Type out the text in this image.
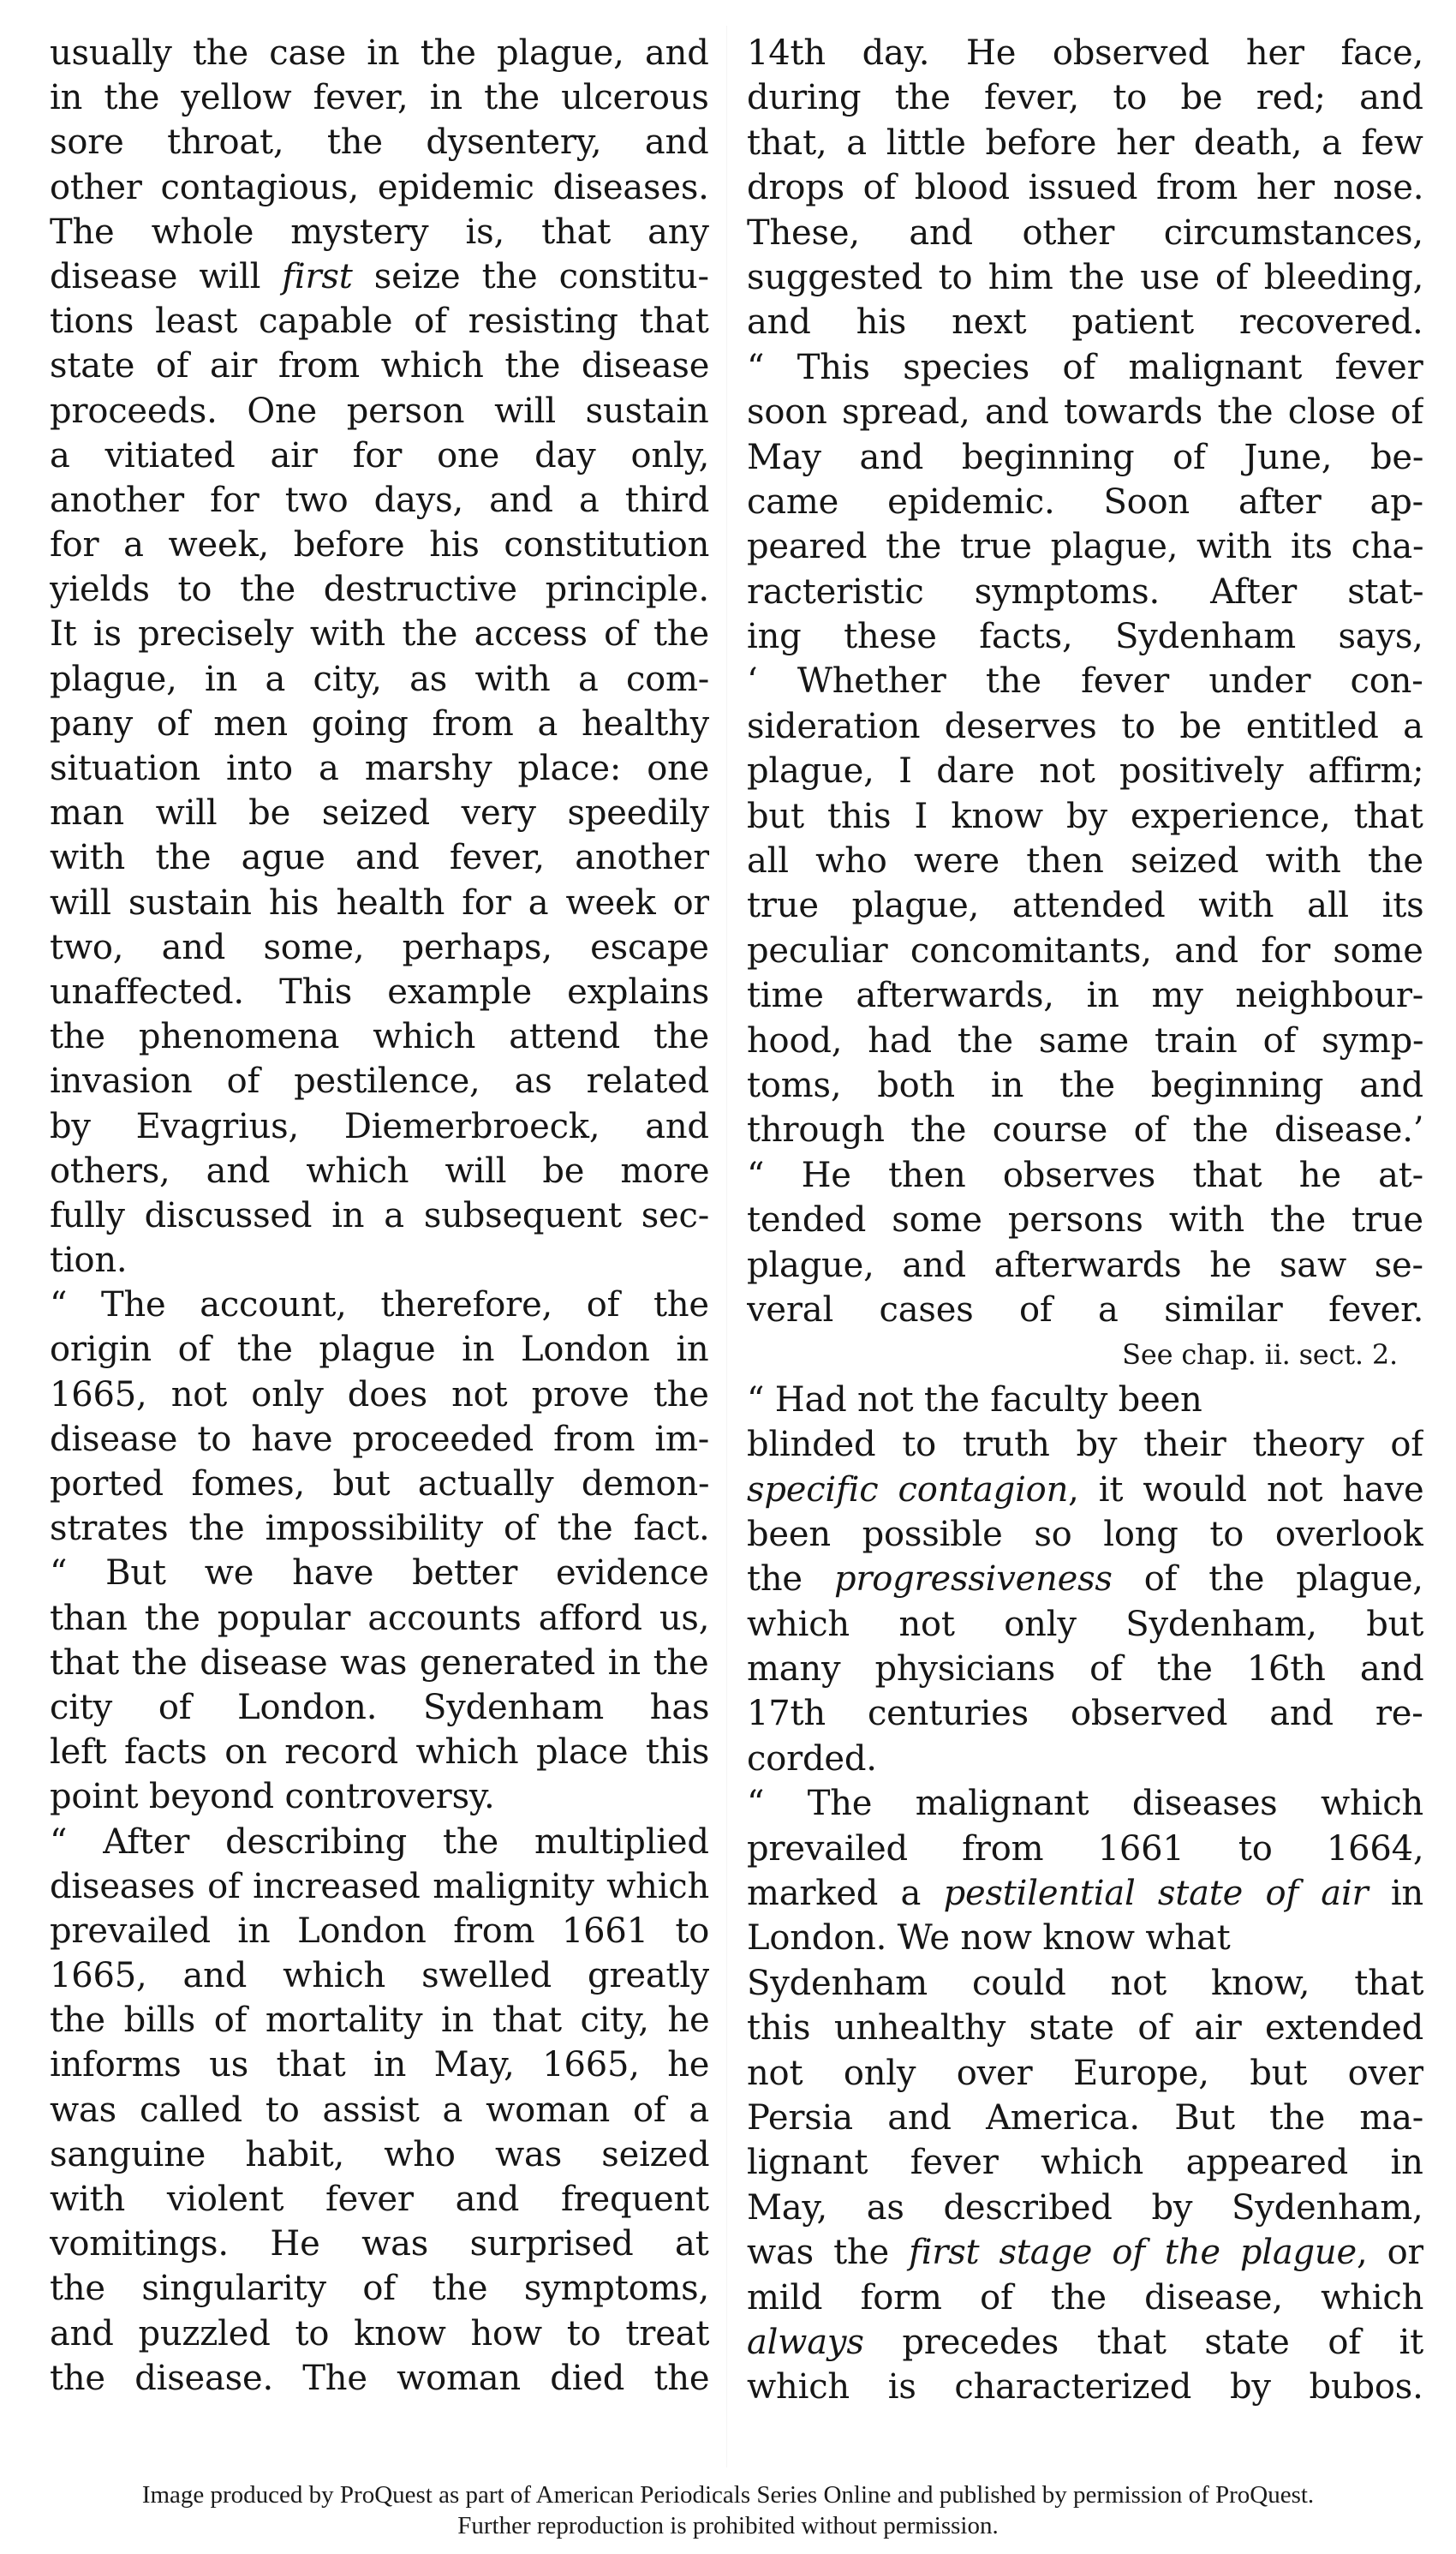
usually the case in the plague, and
in the yellow fever, in the ulcerous
sore throat, the dysentery, and
other contagious, epidemic diseases.
The whole mystery is, that any
disease will first seize the constitu-
tions least capable of resisting that
state of air from which the disease
proceeds. One person will sustain
a vitiated air for one day only,
another for two days, and a third
for a week, before his constitution
yields to the destructive principle.
It is precisely with the access of the
plague, in a city, as with a com-
pany of men going from a healthy
situation into a marshy place: one
man will be seized very speedily
with the ague and fever, another
will sustain his health for a week or
two, and some, perhaps, escape
unaffected. This example explains
the phenomena which attend the
invasion of pestilence, as related
by Evagrius, Diemerbroeck, and
others, and which will be more
fully discussed in a subsequent sec-
tion.
“ The account, therefore, of the
origin of the plague in London in
1665, not only does not prove the
disease to have proceeded from im-
ported fomes, but actually demon-
strates the impossibility of the fact.
“ But we have better evidence
than the popular accounts afford us,
that the disease was generated in the
city of London. Sydenham has
left facts on record which place this
point beyond controversy.
“ After describing the multiplied
diseases of increased malignity which
prevailed in London from 1661 to
1665, and which swelled greatly
the bills of mortality in that city, he
informs us that in May, 1665, he
was called to assist a woman of a
sanguine habit, who was seized
with violent fever and frequent
vomitings. He was surprised at
the singularity of the symptoms,
and puzzled to know how to treat
the disease. The woman died the
14th day. He observed her face,
during the fever, to be red; and
that, a little before her death, a few
drops of blood issued from her nose.
These, and other circumstances,
suggested to him the use of bleeding,
and his next patient recovered.
“ This species of malignant fever
soon spread, and towards the close of
May and beginning of June, be-
came epidemic. Soon after ap-
peared the true plague, with its cha-
racteristic symptoms. After stat-
ing these facts, Sydenham says,
‘ Whether the fever under con-
sideration deserves to be entitled a
plague, I dare not positively affirm;
but this I know by experience, that
all who were then seized with the
true plague, attended with all its
peculiar concomitants, and for some
time afterwards, in my neighbour-
hood, had the same train of symp-
toms, both in the beginning and
through the course of the disease.’
“ He then observes that he at-
tended some persons with the true
plague, and afterwards he saw se-
veral cases of a similar fever.
See chap. ii. sect. 2.
“ Had not the faculty been
blinded to truth by their theory of
specific contagion, it would not have
been possible so long to overlook
the progressiveness of the plague,
which not only Sydenham, but
many physicians of the 16th and
17th centuries observed and re-
corded.
“ The malignant diseases which
prevailed from 1661 to 1664,
marked a pestilential state of air in
London. We now know what
Sydenham could not know, that
this unhealthy state of air extended
not only over Europe, but over
Persia and America. But the ma-
lignant fever which appeared in
May, as described by Sydenham,
was the first stage of the plague, or
mild form of the disease, which
always precedes that state of it
which is characterized by bubos.
Image produced by ProQuest as part of American Periodicals Series Online and published by permission of ProQuest.
Further reproduction is prohibited without permission.
